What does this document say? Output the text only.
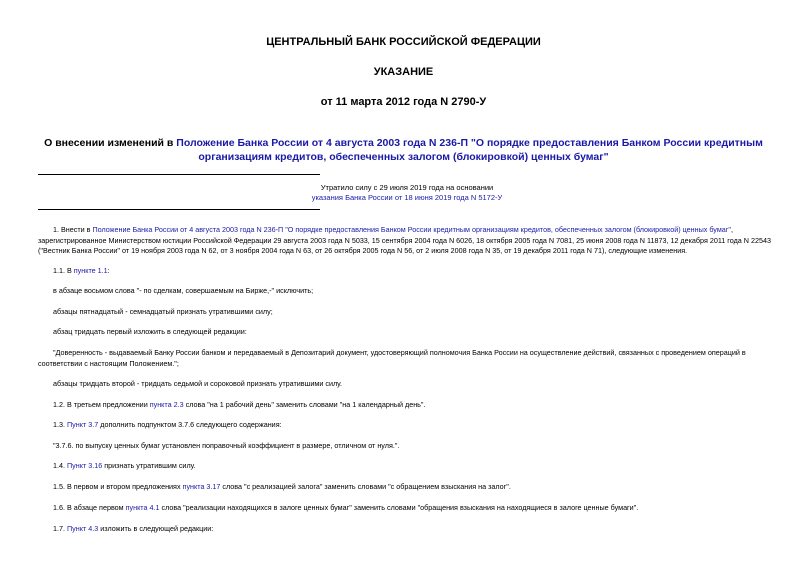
ЦЕНТРАЛЬНЫЙ БАНК РОССИЙСКОЙ ФЕДЕРАЦИИ
УКАЗАНИЕ
от 11 марта 2012 года N 2790-У
О внесении изменений в Положение Банка России от 4 августа 2003 года N 236-П "О порядке предоставления Банком России кредитным организациям кредитов, обеспеченных залогом (блокировкой) ценных бумаг"
Утратило силу с 29 июля 2019 года на основании
указания Банка России от 18 июня 2019 года N 5172-У
1. Внести в Положение Банка России от 4 августа 2003 года N 236-П "О порядке предоставления Банком России кредитным организациям кредитов, обеспеченных залогом (блокировкой) ценных бумаг", зарегистрированное Министерством юстиции Российской Федерации 29 августа 2003 года N 5033, 15 сентября 2004 года N 6026, 18 октября 2005 года N 7081, 25 июня 2008 года N 11873, 12 декабря 2011 года N 22543 ("Вестник Банка России" от 19 ноября 2003 года N 62, от 3 ноября 2004 года N 63, от 26 октября 2005 года N 56, от 2 июля 2008 года N 35, от 19 декабря 2011 года N 71), следующие изменения.
1.1. В пункте 1.1:
в абзаце восьмом слова "- по сделкам, совершаемым на Бирже,-" исключить;
абзацы пятнадцатый - семнадцатый признать утратившими силу;
абзац тридцать первый изложить в следующей редакции:
"Доверенность - выдаваемый Банку России банком и передаваемый в Депозитарий документ, удостоверяющий полномочия Банка России на осуществление действий, связанных с проведением операций в соответствии с настоящим Положением.";
абзацы тридцать второй - тридцать седьмой и сороковой признать утратившими силу.
1.2. В третьем предложении пункта 2.3 слова "на 1 рабочий день" заменить словами "на 1 календарный день".
1.3. Пункт 3.7 дополнить подпунктом 3.7.6 следующего содержания:
"3.7.6. по выпуску ценных бумаг установлен поправочный коэффициент в размере, отличном от нуля.".
1.4. Пункт 3.16 признать утратившим силу.
1.5. В первом и втором предложениях пункта 3.17 слова "с реализацией залога" заменить словами "с обращением взыскания на залог".
1.6. В абзаце первом пункта 4.1 слова "реализации находящихся в залоге ценных бумаг" заменить словами "обращения взыскания на находящиеся в залоге ценные бумаги".
1.7. Пункт 4.3 изложить в следующей редакции:
